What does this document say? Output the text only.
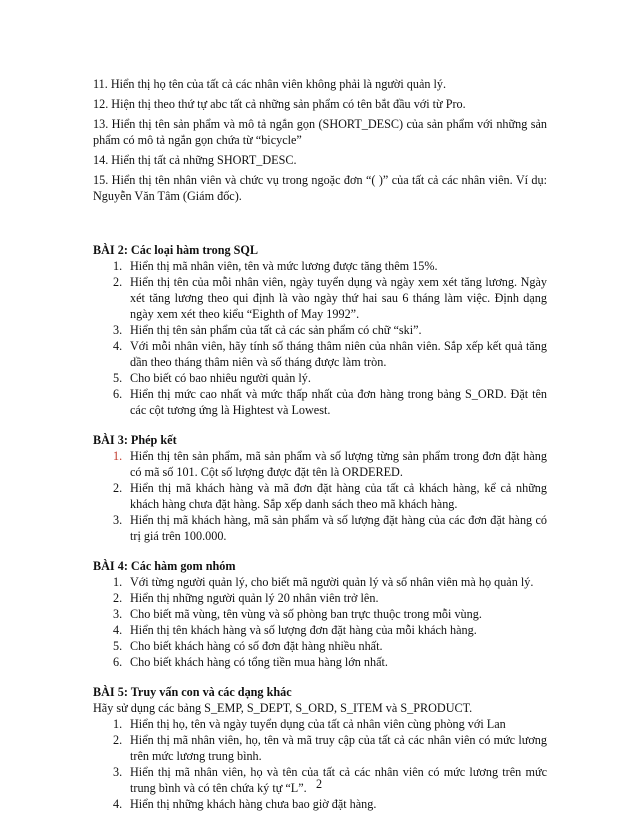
11. Hiển thị họ tên của tất cả các nhân viên không phải là người quản lý.

12. Hiện thị theo thứ tự abc tất cả những sản phẩm có tên bắt đầu với từ Pro.

13. Hiển thị tên sản phẩm và mô tả ngắn gọn (SHORT_DESC) của sản phẩm với những sản phẩm có mô tả ngắn gọn chứa từ “bicycle”

14. Hiển thị tất cả những SHORT_DESC.

15. Hiển thị tên nhân viên và chức vụ trong ngoặc đơn “( )” của tất cả các nhân viên. Ví dụ: Nguyễn Văn Tâm (Giám đốc).

BÀI 2: Các loại hàm trong SQL

1. Hiển thị mã nhân viên, tên và mức lương được tăng thêm 15%.
2. Hiển thị tên của mỗi nhân viên, ngày tuyển dụng và ngày xem xét tăng lương. Ngày xét tăng lương theo qui định là vào ngày thứ hai sau 6 tháng làm việc. Định dạng ngày xem xét theo kiểu “Eighth of May 1992”.
3. Hiển thị tên sản phẩm của tất cả các sản phẩm có chữ “ski”.
4. Với mỗi nhân viên, hãy tính số tháng thâm niên của nhân viên. Sắp xếp kết quả tăng dần theo tháng thâm niên và số tháng được làm tròn.
5. Cho biết có bao nhiêu người quản lý.
6. Hiển thị mức cao nhất và mức thấp nhất của đơn hàng trong bảng S_ORD. Đặt tên các cột tương ứng là Hightest và Lowest.

BÀI 3: Phép kết

1. Hiển thị tên sản phẩm, mã sản phẩm và số lượng từng sản phẩm trong đơn đặt hàng có mã số 101. Cột số lượng được đặt tên là ORDERED.
2. Hiển thị mã khách hàng và mã đơn đặt hàng của tất cả khách hàng, kể cả những khách hàng chưa đặt hàng. Sắp xếp danh sách theo mã khách hàng.
3. Hiển thị mã khách hàng, mã sản phẩm và số lượng đặt hàng của các đơn đặt hàng có trị giá trên 100.000.

BÀI 4: Các hàm gom nhóm

1. Với từng người quản lý, cho biết mã người quản lý và số nhân viên mà họ quản lý.
2. Hiển thị những người quản lý 20 nhân viên trở lên.
3. Cho biết mã vùng, tên vùng và số phòng ban trực thuộc trong mỗi vùng.
4. Hiển thị tên khách hàng và số lượng đơn đặt hàng của mỗi khách hàng.
5. Cho biết khách hàng có số đơn đặt hàng nhiều nhất.
6. Cho biết khách hàng có tổng tiền mua hàng lớn nhất.

BÀI 5: Truy vấn con và các dạng khác

Hãy sử dụng các bảng S_EMP, S_DEPT, S_ORD, S_ITEM và S_PRODUCT.

1. Hiển thị họ, tên và ngày tuyển dụng của tất cả nhân viên cùng phòng với Lan
2. Hiển thị mã nhân viên, họ, tên và mã truy cập của tất cả các nhân viên có mức lương trên mức lương trung bình.
3. Hiển thị mã nhân viên, họ và tên của tất cả các nhân viên có mức lương trên mức trung bình và có tên chứa ký tự “L”.
4. Hiển thị những khách hàng chưa bao giờ đặt hàng.
2
